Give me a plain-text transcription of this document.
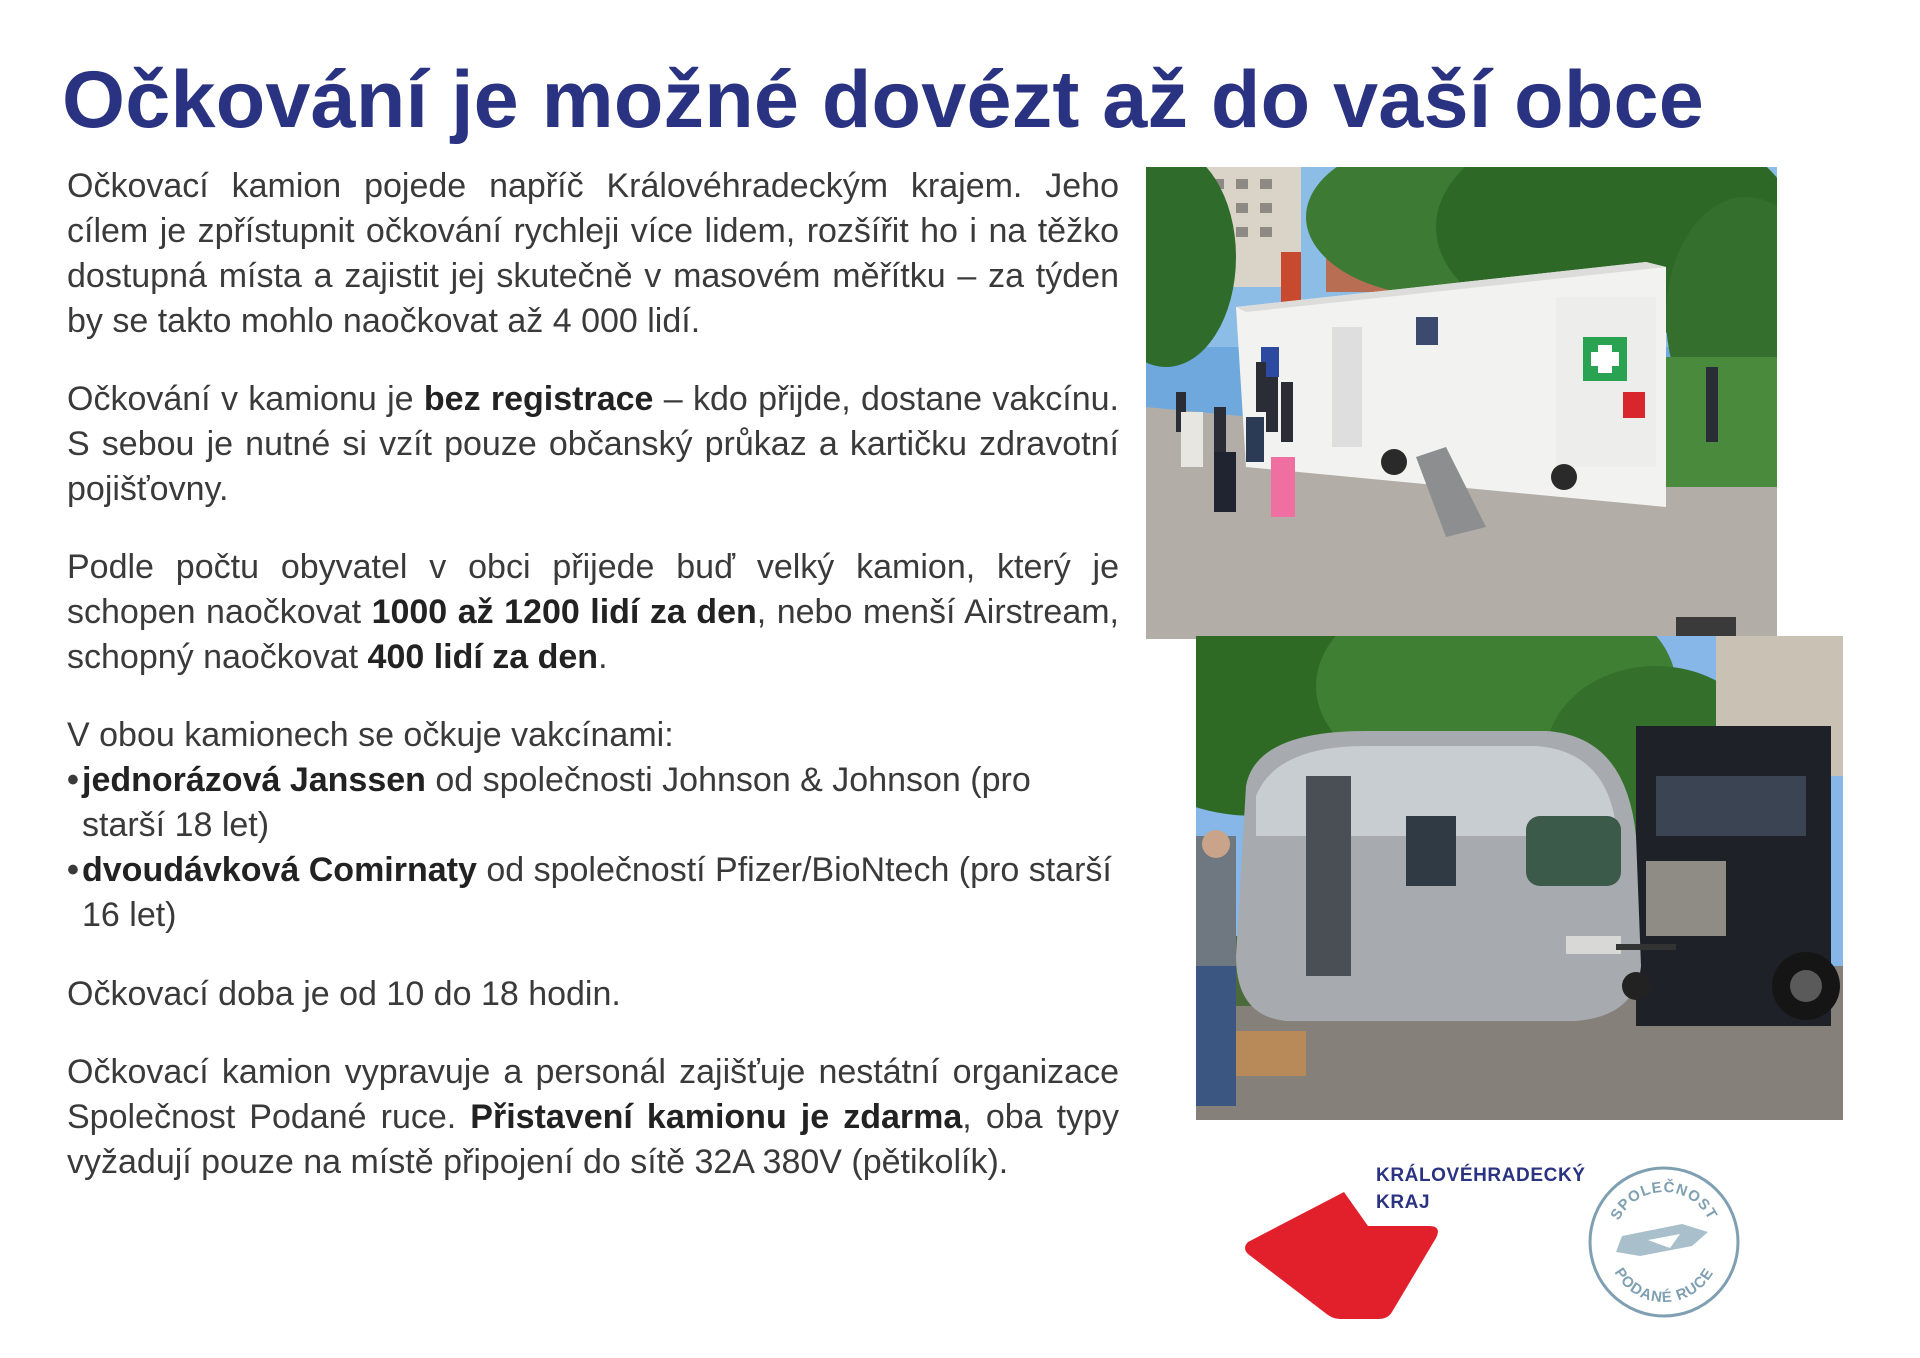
Očkování je možné dovézt až do vaší obce

Očkovací kamion pojede napříč Královéhradeckým krajem. Jeho cílem je zpřístupnit očkování rychleji více lidem, rozšířit ho i na těžko dostupná místa a zajistit jej skutečně v masovém měřítku – za týden by se takto mohlo naočkovat až 4 000 lidí.

Očkování v kamionu je bez registrace – kdo přijde, dostane vakcínu. S sebou je nutné si vzít pouze občanský průkaz a kartičku zdravotní pojišťovny.

Podle počtu obyvatel v obci přijede buď velký kamion, který je schopen naočkovat 1000 až 1200 lidí za den, nebo menší Airstream, schopný naočkovat 400 lidí za den.

V obou kamionech se očkuje vakcínami:
• jednorázová Janssen od společnosti Johnson & Johnson (pro starší 18 let)
• dvoudávková Comirnaty od společností Pfizer/BioNtech (pro starší 16 let)

Očkovací doba je od 10 do 18 hodin.

Očkovací kamion vypravuje a personál zajišťuje nestátní organizace Společnost Podané ruce. Přistavení kamionu je zdarma, oba typy vyžadují pouze na místě připojení do sítě 32A 380V (pětikolík).	KRÁLOVÉHRADECKÝ
KRAJ
SPOLEČNOST
PODANÉ RUCE
